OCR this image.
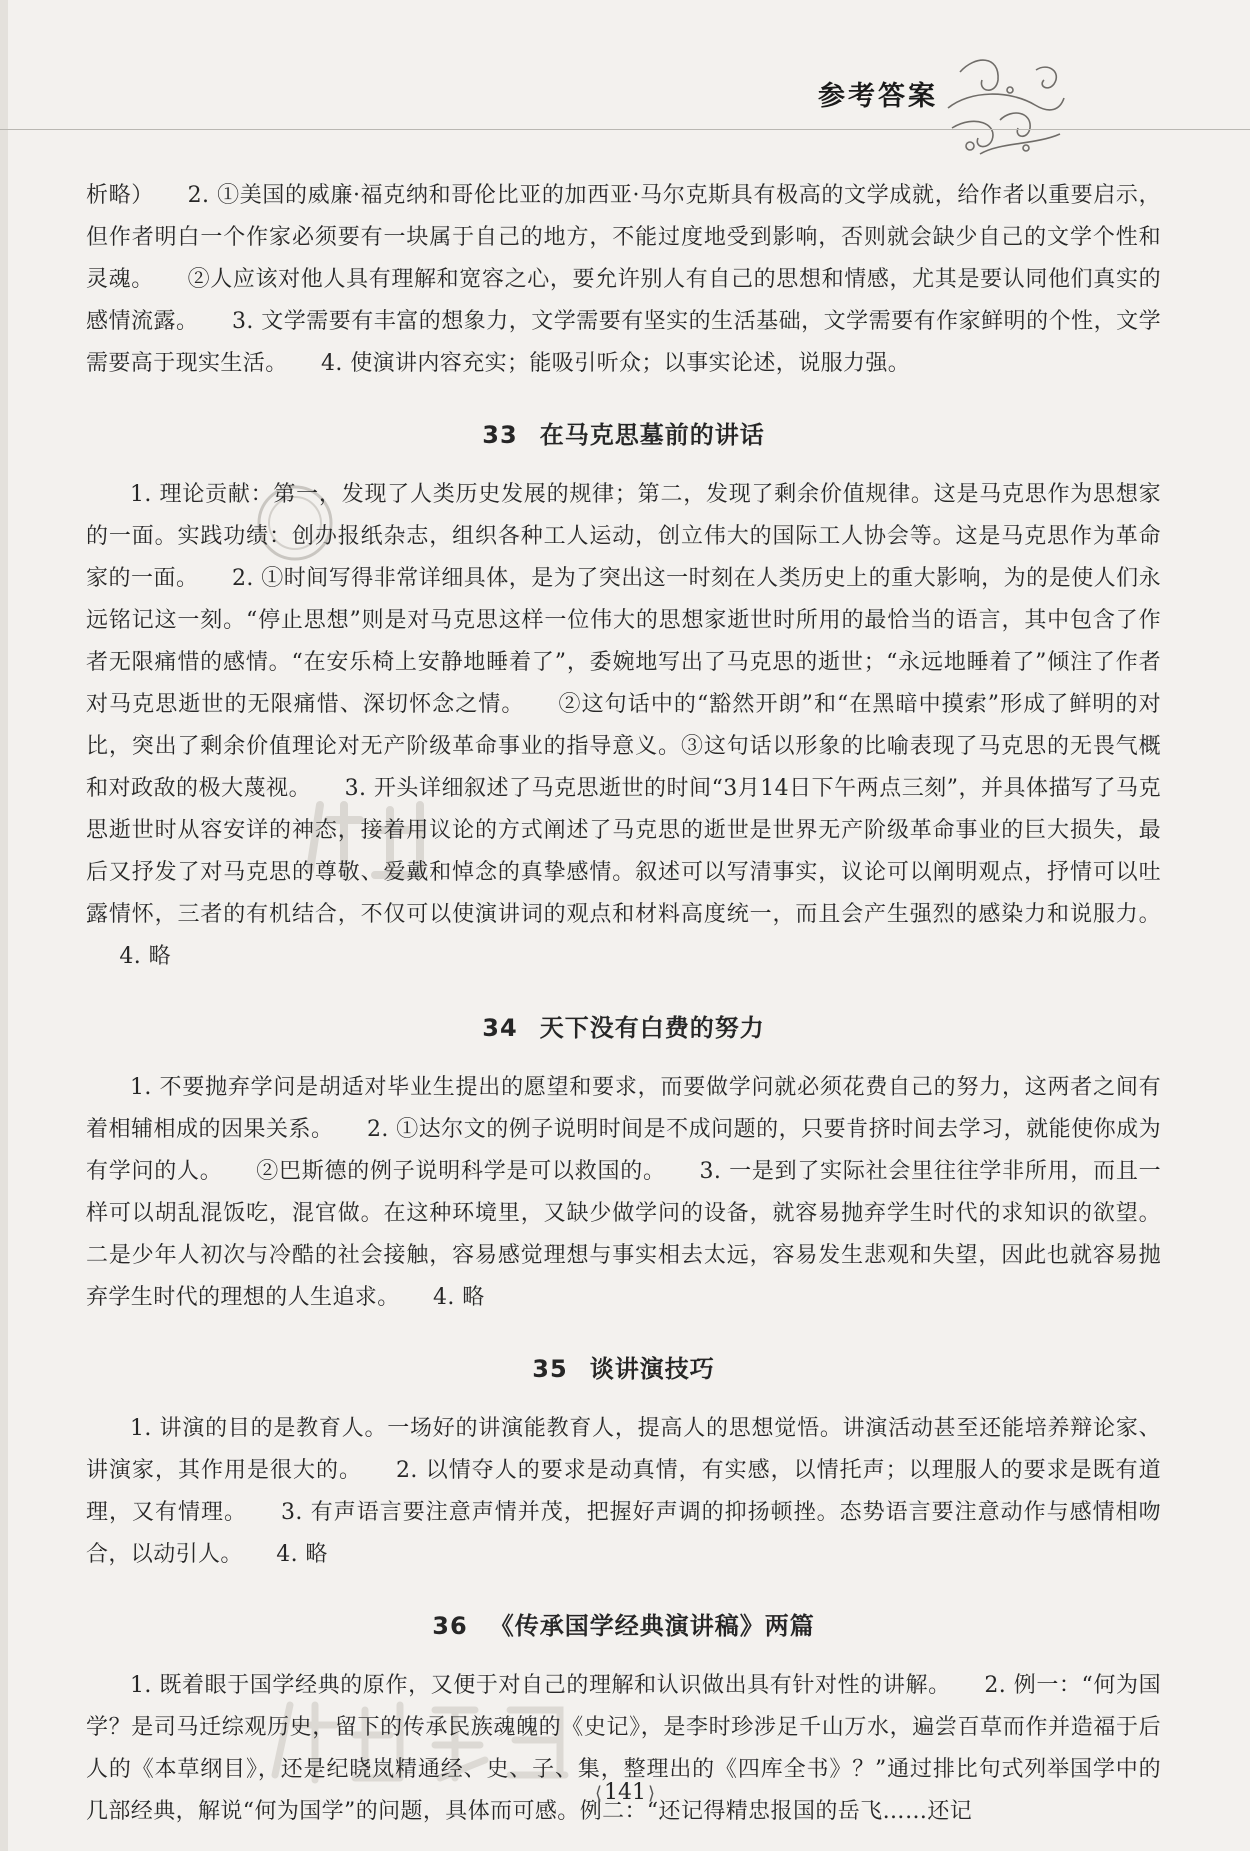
参考答案

析略） 2. ①美国的威廉·福克纳和哥伦比亚的加西亚·马尔克斯具有极高的文学成就，给作者以重要启示，但作者明白一个作家必须要有一块属于自己的地方，不能过度地受到影响，否则就会缺少自己的文学个性和灵魂。 ②人应该对他人具有理解和宽容之心，要允许别人有自己的思想和情感，尤其是要认同他们真实的感情流露。 3. 文学需要有丰富的想象力，文学需要有坚实的生活基础，文学需要有作家鲜明的个性，文学需要高于现实生活。 4. 使演讲内容充实；能吸引听众；以事实论述，说服力强。

33 在马克思墓前的讲话

1. 理论贡献：第一，发现了人类历史发展的规律；第二，发现了剩余价值规律。这是马克思作为思想家的一面。实践功绩：创办报纸杂志，组织各种工人运动，创立伟大的国际工人协会等。这是马克思作为革命家的一面。 2. ①时间写得非常详细具体，是为了突出这一时刻在人类历史上的重大影响，为的是使人们永远铭记这一刻。“停止思想”则是对马克思这样一位伟大的思想家逝世时所用的最恰当的语言，其中包含了作者无限痛惜的感情。“在安乐椅上安静地睡着了”，委婉地写出了马克思的逝世；“永远地睡着了”倾注了作者对马克思逝世的无限痛惜、深切怀念之情。 ②这句话中的“豁然开朗”和“在黑暗中摸索”形成了鲜明的对比，突出了剩余价值理论对无产阶级革命事业的指导意义。③这句话以形象的比喻表现了马克思的无畏气概和对政敌的极大蔑视。 3. 开头详细叙述了马克思逝世的时间“3月14日下午两点三刻”，并具体描写了马克思逝世时从容安详的神态，接着用议论的方式阐述了马克思的逝世是世界无产阶级革命事业的巨大损失，最后又抒发了对马克思的尊敬、爱戴和悼念的真挚感情。叙述可以写清事实，议论可以阐明观点，抒情可以吐露情怀，三者的有机结合，不仅可以使演讲词的观点和材料高度统一，而且会产生强烈的感染力和说服力。 4. 略

34 天下没有白费的努力

1. 不要抛弃学问是胡适对毕业生提出的愿望和要求，而要做学问就必须花费自己的努力，这两者之间有着相辅相成的因果关系。 2. ①达尔文的例子说明时间是不成问题的，只要肯挤时间去学习，就能使你成为有学问的人。 ②巴斯德的例子说明科学是可以救国的。 3. 一是到了实际社会里往往学非所用，而且一样可以胡乱混饭吃，混官做。在这种环境里，又缺少做学问的设备，就容易抛弃学生时代的求知识的欲望。二是少年人初次与冷酷的社会接触，容易感觉理想与事实相去太远，容易发生悲观和失望，因此也就容易抛弃学生时代的理想的人生追求。 4. 略

35 谈讲演技巧

1. 讲演的目的是教育人。一场好的讲演能教育人，提高人的思想觉悟。讲演活动甚至还能培养辩论家、讲演家，其作用是很大的。 2. 以情夺人的要求是动真情，有实感，以情托声；以理服人的要求是既有道理，又有情理。 3. 有声语言要注意声情并茂，把握好声调的抑扬顿挫。态势语言要注意动作与感情相吻合，以动引人。 4. 略

36 《传承国学经典演讲稿》两篇

1. 既着眼于国学经典的原作，又便于对自己的理解和认识做出具有针对性的讲解。 2. 例一：“何为国学？是司马迁综观历史，留下的传承民族魂魄的《史记》，是李时珍涉足千山万水，遍尝百草而作并造福于后人的《本草纲目》，还是纪晓岚精通经、史、子、集，整理出的《四库全书》？”通过排比句式列举国学中的几部经典，解说“何为国学”的问题，具体而可感。例二：“还记得精忠报国的岳飞……还记

⟨141 ⟩
